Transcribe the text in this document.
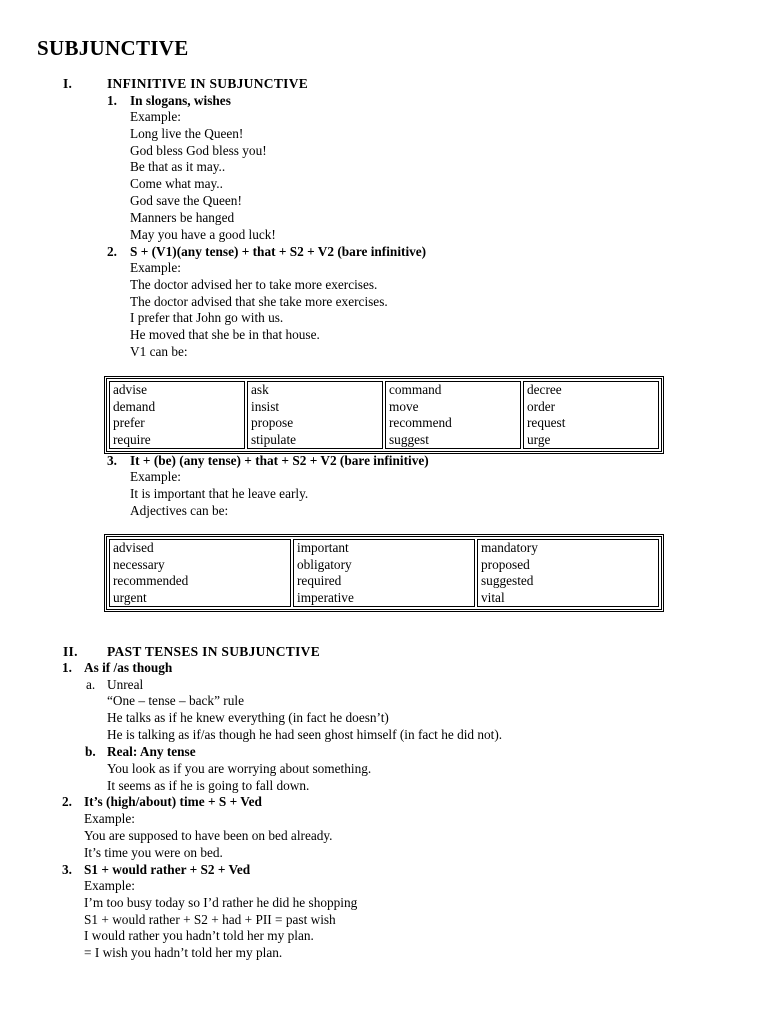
SUBJUNCTIVE
I.	INFINITIVE IN SUBJUNCTIVE
1. In slogans, wishes
Example:
Long live the Queen!
God bless God bless you!
Be that as it may..
Come what may..
God save the Queen!
Manners be hanged
May you have a good luck!
2. S + (V1)(any tense) + that + S2 + V2 (bare infinitive)
Example:
The doctor advised her to take more exercises.
The doctor advised that she take more exercises.
I prefer that John go with us.
He moved that she be in that house.
V1 can be:
advise
demand
prefer
require

ask
insist
propose
stipulate

command
move
recommend
suggest

decree
order
request
urge
3. It + (be) (any tense) + that + S2 + V2 (bare infinitive)
Example:
It is important that he leave early.
Adjectives can be:
advised
necessary
recommended
urgent

important
obligatory
required
imperative

mandatory
proposed
suggested
vital
II. PAST TENSES IN SUBJUNCTIVE
1. As if /as though
a. Unreal
“One – tense – back” rule
He talks as if he knew everything (in fact he doesn’t)
He is talking as if/as though he had seen ghost himself (in fact he did not).
b. Real: Any tense
You look as if you are worrying about something.
It seems as if he is going to fall down.
2. It’s (high/about) time + S + Ved
Example:
You are supposed to have been on bed already.
It’s time you were on bed.
3. S1 + would rather + S2 + Ved
Example:
I’m too busy today so I’d rather he did he shopping
S1 + would rather + S2 + had + PII = past wish
I would rather you hadn’t told her my plan.
= I wish you hadn’t told her my plan.
